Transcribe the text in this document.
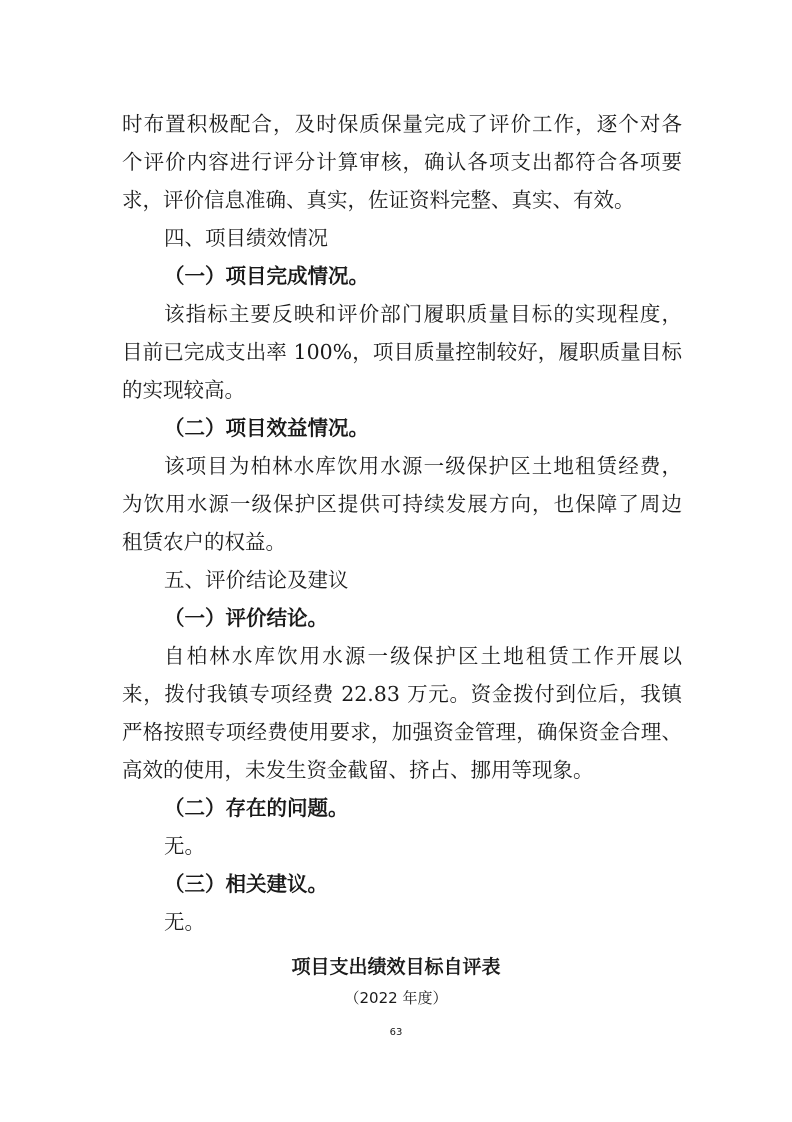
时布置积极配合，及时保质保量完成了评价工作，逐个对各
个评价内容进行评分计算审核，确认各项支出都符合各项要
求，评价信息准确、真实，佐证资料完整、真实、有效。
四、项目绩效情况
（一）项目完成情况。
该指标主要反映和评价部门履职质量目标的实现程度，
目前已完成支出率 100%，项目质量控制较好，履职质量目标
的实现较高。
（二）项目效益情况。
该项目为柏林水库饮用水源一级保护区土地租赁经费，
为饮用水源一级保护区提供可持续发展方向，也保障了周边
租赁农户的权益。
五、评价结论及建议
（一）评价结论。
自柏林水库饮用水源一级保护区土地租赁工作开展以
来，拨付我镇专项经费 22.83 万元。资金拨付到位后，我镇
严格按照专项经费使用要求，加强资金管理，确保资金合理、
高效的使用，未发生资金截留、挤占、挪用等现象。
（二）存在的问题。
无。
（三）相关建议。
无。
项目支出绩效目标自评表
（2022 年度）
63
